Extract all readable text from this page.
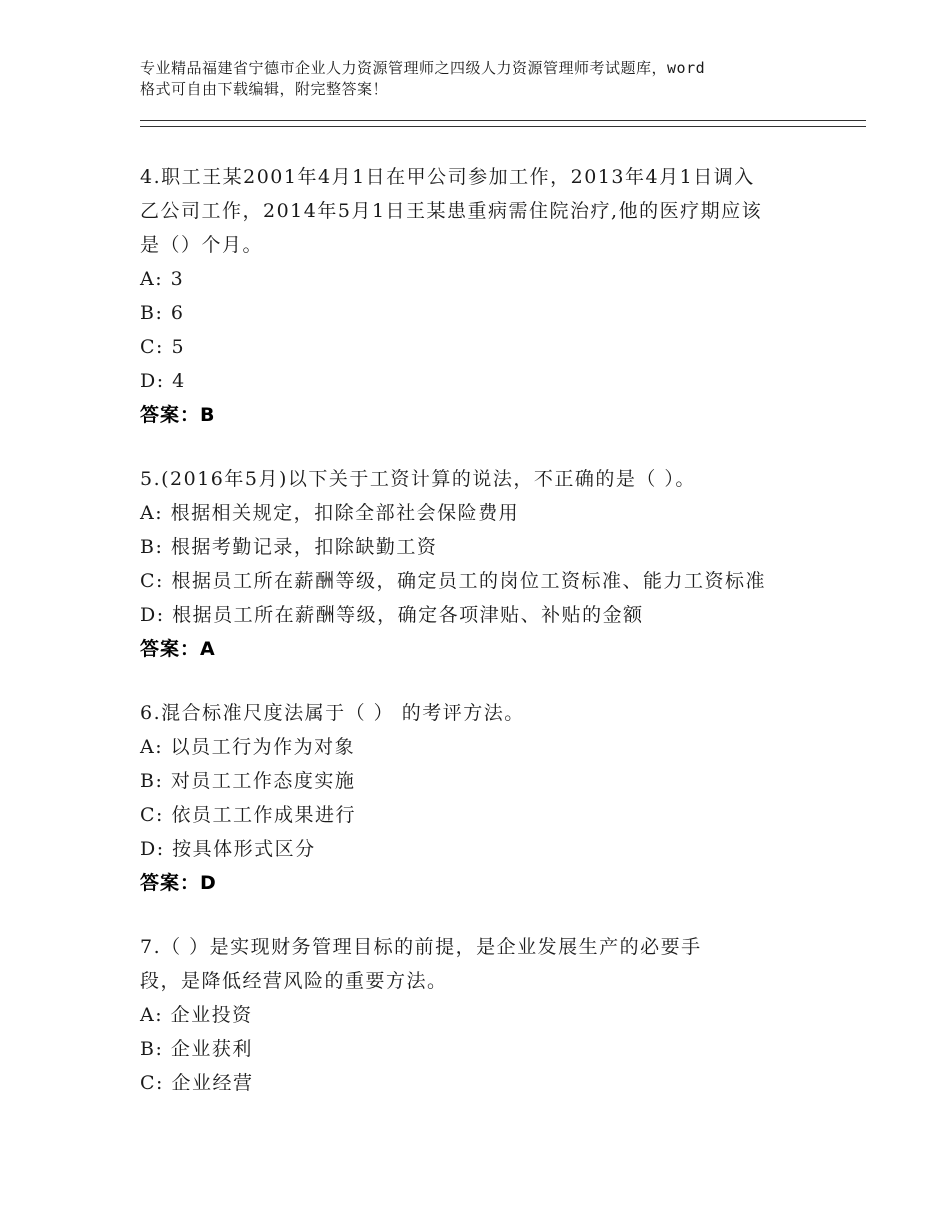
专业精品福建省宁德市企业人力资源管理师之四级人力资源管理师考试题库，word
格式可自由下载编辑，附完整答案！

4.职工王某2001年4月1日在甲公司参加工作，2013年4月1日调入

乙公司工作，2014年5月1日王某患重病需住院治疗,他的医疗期应该

是（）个月。

A: 3

B: 6

C: 5

D: 4

答案：B

5.(2016年5月)以下关于工资计算的说法，不正确的是（ ）。

A: 根据相关规定，扣除全部社会保险费用

B: 根据考勤记录，扣除缺勤工资

C: 根据员工所在薪酬等级，确定员工的岗位工资标准、能力工资标准

D: 根据员工所在薪酬等级，确定各项津贴、补贴的金额

答案：A

6.混合标准尺度法属于（ ） 的考评方法。

A: 以员工行为作为对象

B: 对员工工作态度实施

C: 依员工工作成果进行

D: 按具体形式区分

答案：D

7.（ ）是实现财务管理目标的前提，是企业发展生产的必要手

段，是降低经营风险的重要方法。

A: 企业投资

B: 企业获利

C: 企业经营
